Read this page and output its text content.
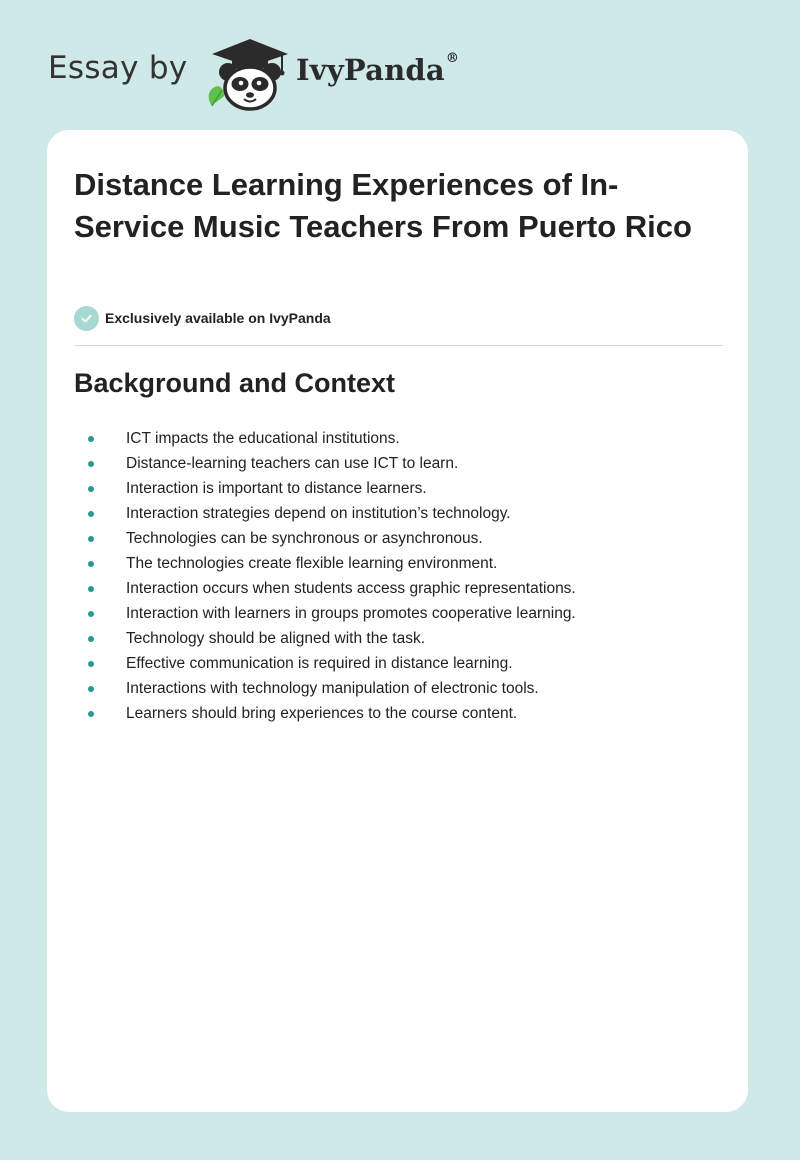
Essay by	IvyPanda®
Distance Learning Experiences of In-Service Music Teachers From Puerto Rico
Exclusively available on IvyPanda
Background and Context
ICT impacts the educational institutions.
Distance-learning teachers can use ICT to learn.
Interaction is important to distance learners.
Interaction strategies depend on institution’s technology.
Technologies can be synchronous or asynchronous.
The technologies create flexible learning environment.
Interaction occurs when students access graphic representations.
Interaction with learners in groups promotes cooperative learning.
Technology should be aligned with the task.
Effective communication is required in distance learning.
Interactions with technology manipulation of electronic tools.
Learners should bring experiences to the course content.
